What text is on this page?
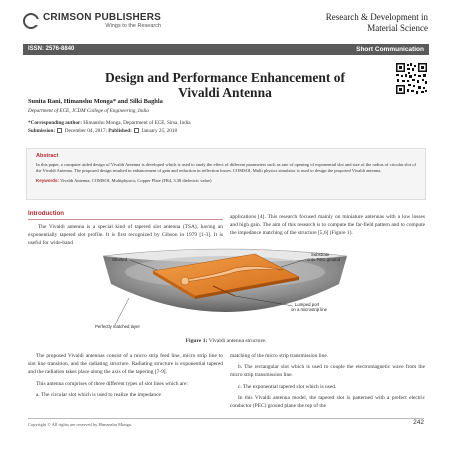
CRIMSON PUBLISHERS
Wings to the Research
Research & Development in
Material Science
ISSN: 2576-8840	Short Communication
Design and Performance Enhancement of
Vivaldi Antenna
Sunita Rani, Himanshu Monga* and Silki Baghla
Department of ECE, JCDM College of Engineering, India
*Corresponding author: Himanshu Monga, Department of ECE, Sirsa, India
Submission: December 04, 2017; Published: January 25, 2018
Abstract
In this paper, a computer aided design of Vivaldi Antenna is developed which is used to study the effect of different parameters such as rate of opening of exponential slot and size of the radius of circular slot of the Vivaldi Antenna. The proposed design resulted in enhancement of gain and reduction in reflection losses. COMSOL Multi physics simulator is used to design the proposed Vivaldi antenna.
Keywords: Vivaldi Antenna; COMSOL Multiphysics; Copper Plate (FR4, 3.38 dielectric value)
Introduction

The Vivaldi antenna is a special kind of tapered slot antenna (TSA), having an exponentially tapered slot profile. It is first recognized by Gibson in 1979 [1-3]. It is useful for wide-band

applications [4]. This research focused mainly on miniature antennas with a low losses and high gain. The aim of this research is to compute the far-field pattern and to compute the impedance matching of the structure [5,6] (Figure 1).

Shorted
Substrate
onto PEC ground
Lumped port
on a microstrip line
Perfectly matched layer
Figure 1: Vivaldi antenna structure.

The proposed Vivaldi antennas consist of a micro strip feed line, micro strip line to slot line transition, and the radiating structure. Radiating structure is exponential tapered and the radiation takes place along the axis of the tapering [7-9].

This antenna comprises of three different types of slot lines which are:

a. The circular slot which is used to realize the impedance

matching of the micro strip transmission line.

b. The rectangular slot which is used to couple the electromagnetic wave from the micro strip transmission line.

c. The exponential tapered slot which is used.

In this Vivaldi antenna model, the tapered slot is patterned with a prefect electric conductor (PEC) ground plane the top of the

Copyright © All rights are reserved by Himanshu Monga.	242
